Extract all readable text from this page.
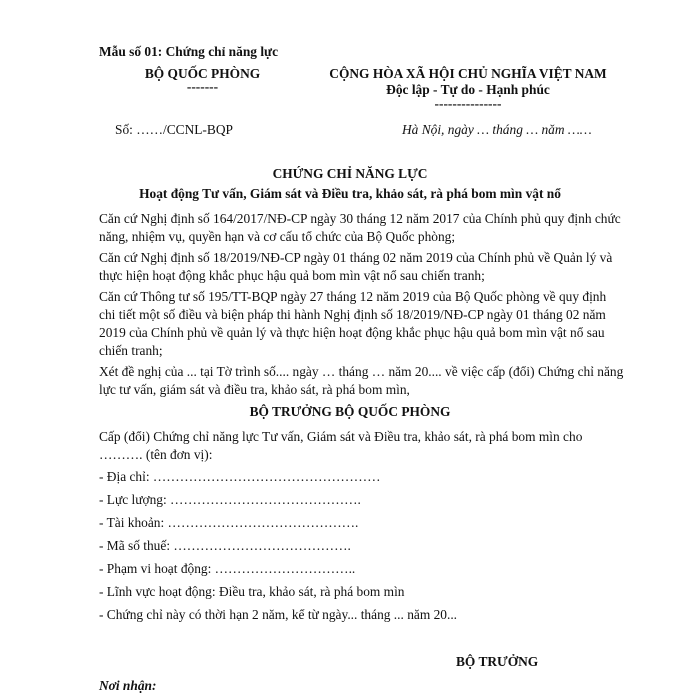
Mẫu số 01: Chứng chỉ năng lực
BỘ QUỐC PHÒNG
-------
CỘNG HÒA XÃ HỘI CHỦ NGHĨA VIỆT NAM
Độc lập - Tự do - Hạnh phúc
---------------
Số: ……/CCNL-BQP	Hà Nội, ngày … tháng … năm ……
CHỨNG CHỈ NĂNG LỰC
Hoạt động Tư vấn, Giám sát và Điều tra, khảo sát, rà phá bom mìn vật nổ
Căn cứ Nghị định số 164/2017/NĐ-CP ngày 30 tháng 12 năm 2017 của Chính phủ quy định chức năng, nhiệm vụ, quyền hạn và cơ cấu tổ chức của Bộ Quốc phòng;
Căn cứ Nghị định số 18/2019/NĐ-CP ngày 01 tháng 02 năm 2019 của Chính phủ về Quản lý và thực hiện hoạt động khắc phục hậu quả bom mìn vật nổ sau chiến tranh;
Căn cứ Thông tư số 195/TT-BQP ngày 27 tháng 12 năm 2019 của Bộ Quốc phòng về quy định chi tiết một số điều và biện pháp thi hành Nghị định số 18/2019/NĐ-CP ngày 01 tháng 02 năm 2019 của Chính phủ về quản lý và thực hiện hoạt động khắc phục hậu quả bom mìn vật nổ sau chiến tranh;
Xét đề nghị của ... tại Tờ trình số.... ngày … tháng … năm 20.... về việc cấp (đổi) Chứng chỉ năng lực tư vấn, giám sát và điều tra, khảo sát, rà phá bom mìn,
BỘ TRƯỞNG BỘ QUỐC PHÒNG
Cấp (đổi) Chứng chỉ năng lực Tư vấn, Giám sát và Điều tra, khảo sát, rà phá bom mìn cho ………. (tên đơn vị):
- Địa chỉ: ……………………………………………
- Lực lượng: …………………………………….
- Tài khoản: …………………………………….
- Mã số thuế: ………………………………….
- Phạm vi hoạt động: …………………………..
- Lĩnh vực hoạt động: Điều tra, khảo sát, rà phá bom mìn
- Chứng chỉ này có thời hạn 2 năm, kể từ ngày... tháng ... năm 20...
BỘ TRƯỞNG
Nơi nhận:
